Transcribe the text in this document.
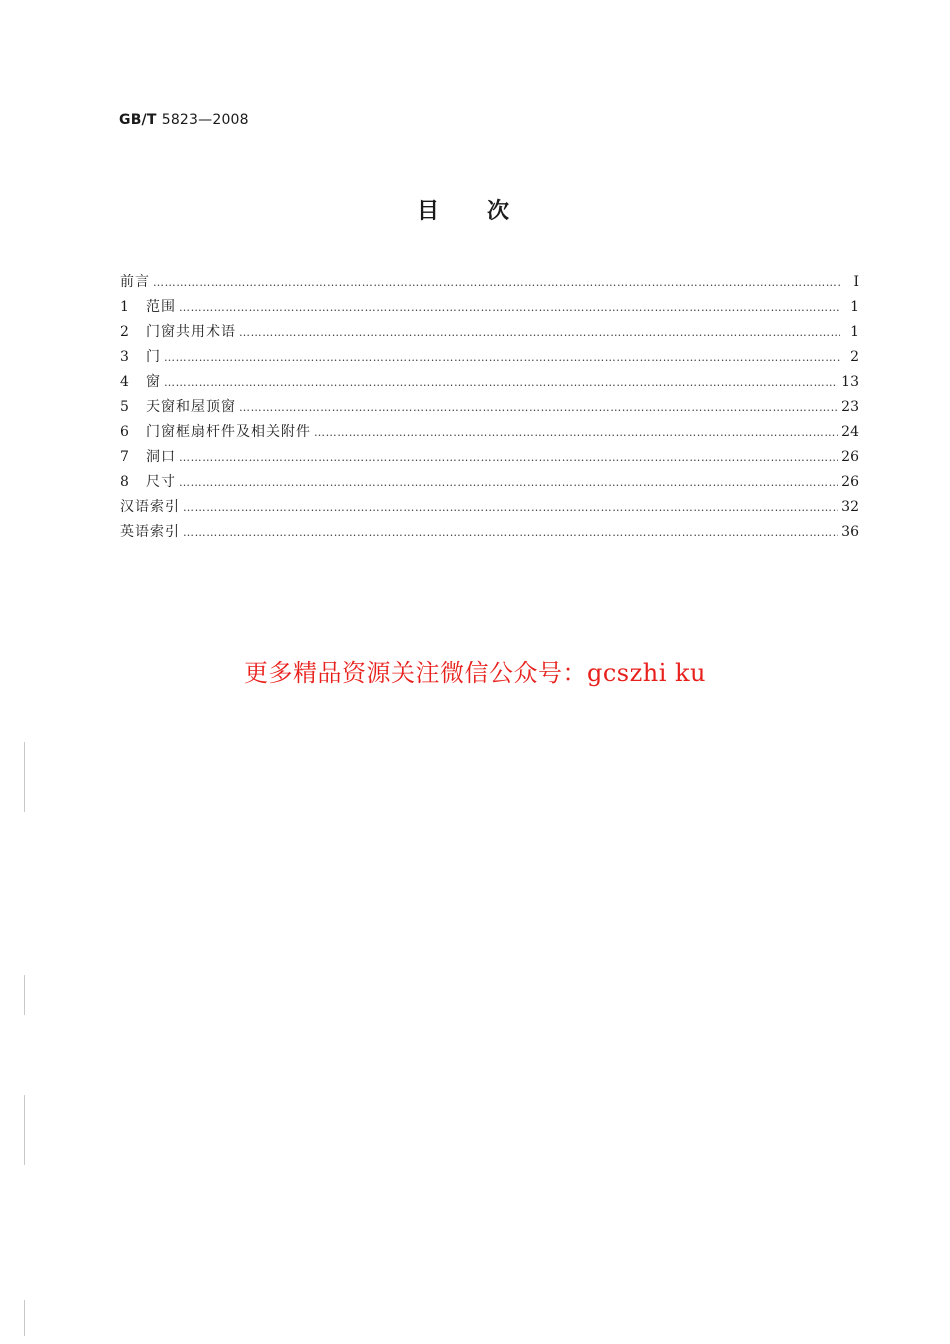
GB/T 5823—2008
目次
前言 ………………………………………………………………………………………………………………………………………………………………………………………………………………………………………………	Ⅰ
1	范围 ………………………………………………………………………………………………………………………………………………………………………………………………………………………………………………	1
2	门窗共用术语 ………………………………………………………………………………………………………………………………………………………………………………………………………………………………………………	1
3	门 ………………………………………………………………………………………………………………………………………………………………………………………………………………………………………………	2
4	窗 ………………………………………………………………………………………………………………………………………………………………………………………………………………………………………………	13
5	天窗和屋顶窗 ………………………………………………………………………………………………………………………………………………………………………………………………………………………………………………	23
6	门窗框扇杆件及相关附件 ………………………………………………………………………………………………………………………………………………………………………………………………………………………………………………	24
7	洞口 ………………………………………………………………………………………………………………………………………………………………………………………………………………………………………………	26
8	尺寸 ………………………………………………………………………………………………………………………………………………………………………………………………………………………………………………	26
汉语索引 ………………………………………………………………………………………………………………………………………………………………………………………………………………………………………………	32
英语索引 ………………………………………………………………………………………………………………………………………………………………………………………………………………………………………………	36
更多精品资源关注微信公众号：gcszhi ku
